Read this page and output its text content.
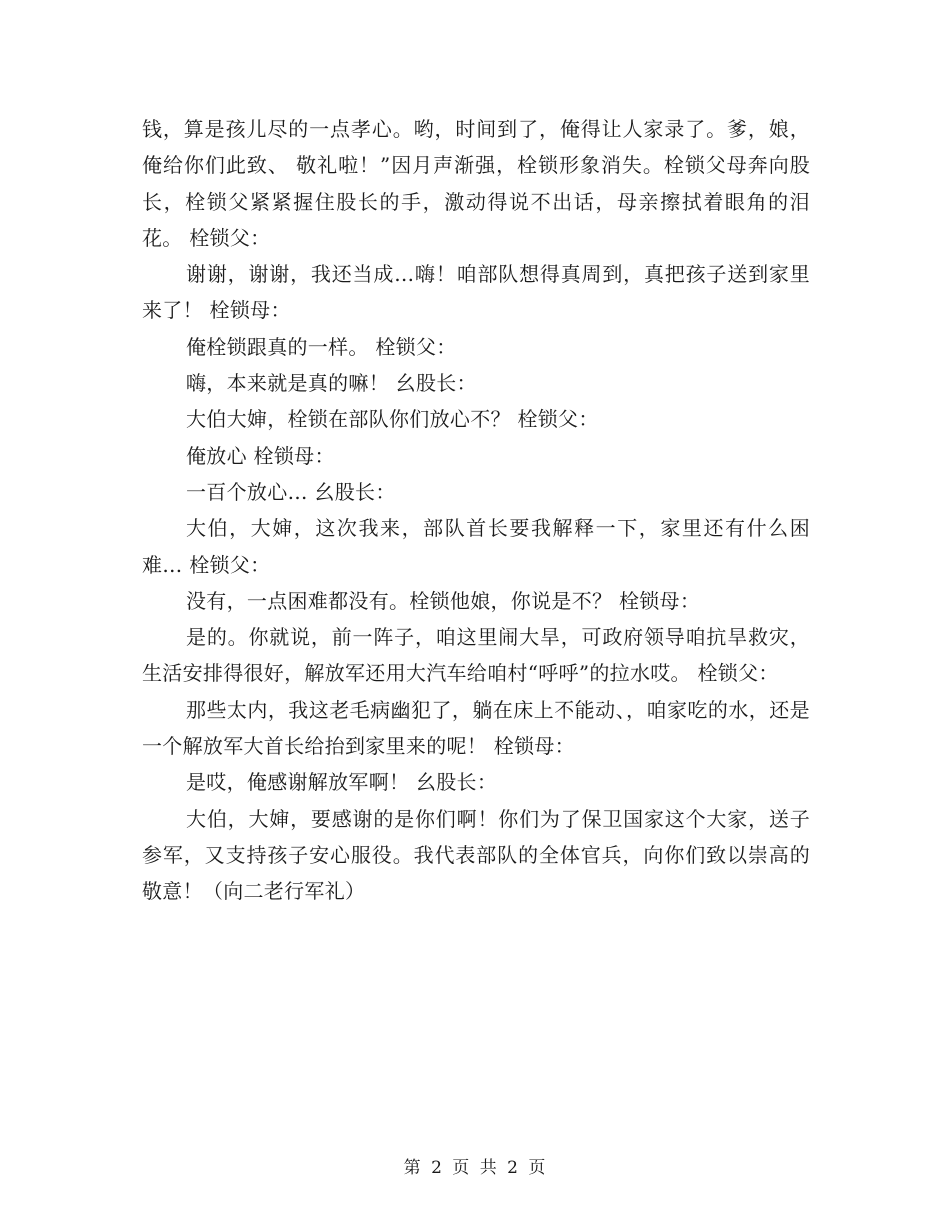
钱，算是孩儿尽的一点孝心。哟，时间到了，俺得让人家录了。爹，娘，俺给你们此致、 敬礼啦！”因月声渐强，栓锁形象消失。栓锁父母奔向股长，栓锁父紧紧握住股长的手，激动得说不出话，母亲擦拭着眼角的泪花。 栓锁父：

谢谢，谢谢，我还当成…嗨！咱部队想得真周到，真把孩子送到家里来了！ 栓锁母：

俺栓锁跟真的一样。 栓锁父：

嗨，本来就是真的嘛！ 幺股长：

大伯大婶，栓锁在部队你们放心不？ 栓锁父：

俺放心 栓锁母：

一百个放心… 幺股长：

大伯，大婶，这次我来，部队首长要我解释一下，家里还有什么困难… 栓锁父：

没有，一点困难都没有。栓锁他娘，你说是不？ 栓锁母：

是的。你就说，前一阵子，咱这里闹大旱，可政府领导咱抗旱救灾，生活安排得很好，解放军还用大汽车给咱村“呼呼”的拉水哎。 栓锁父：

那些太内，我这老毛病幽犯了，躺在床上不能动、，咱家吃的水，还是一个解放军大首长给抬到家里来的呢！ 栓锁母：

是哎，俺感谢解放军啊！ 幺股长：

大伯，大婶，要感谢的是你们啊！你们为了保卫国家这个大家，送子参军，又支持孩子安心服役。我代表部队的全体官兵，向你们致以崇高的敬意！（向二老行军礼）

第 2 页 共 2 页
